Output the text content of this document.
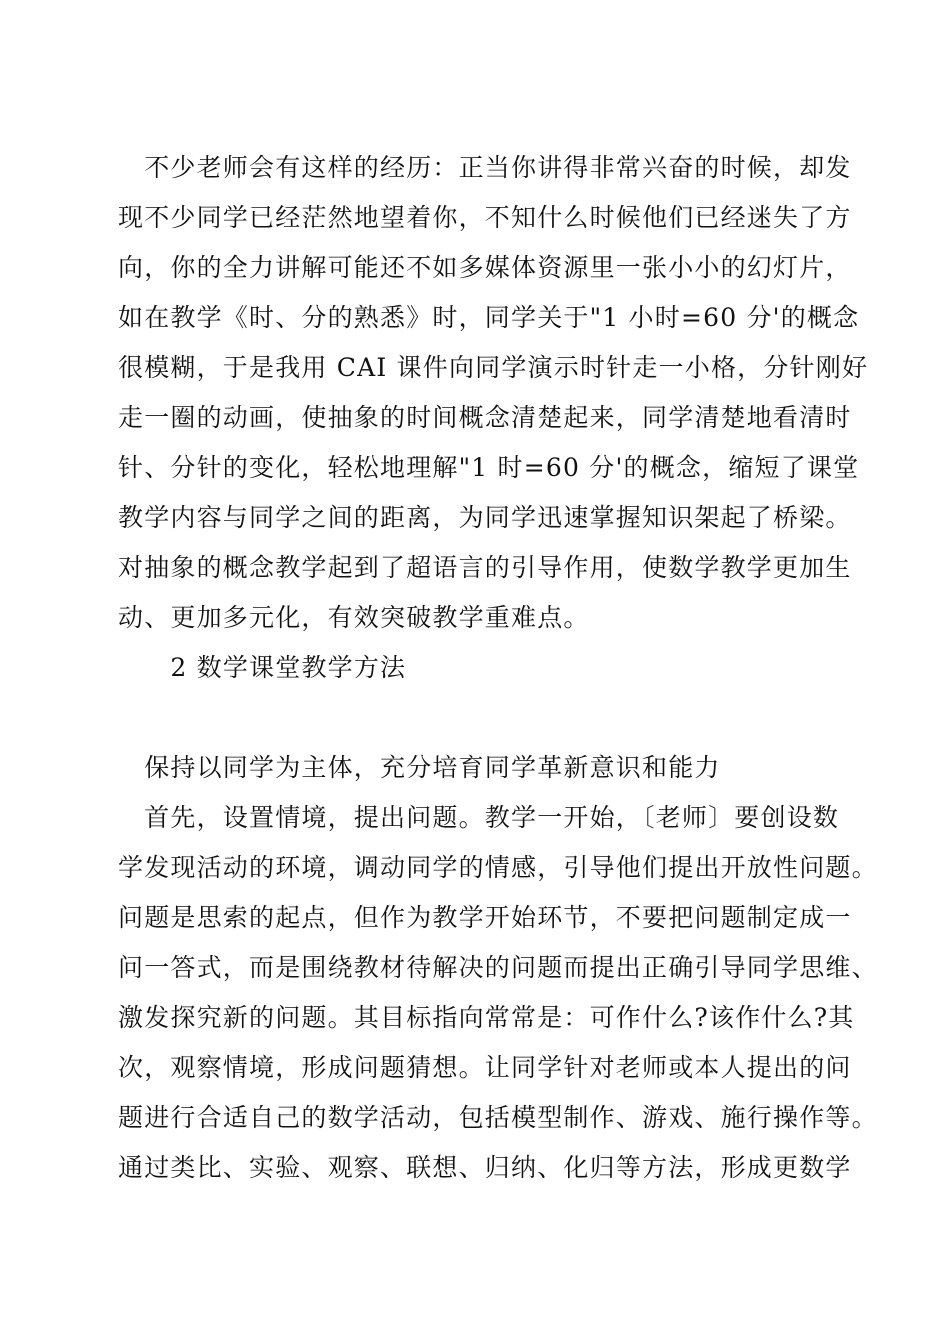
　不少老师会有这样的经历：正当你讲得非常兴奋的时候，却发
现不少同学已经茫然地望着你，不知什么时候他们已经迷失了方
向，你的全力讲解可能还不如多媒体资源里一张小小的幻灯片，
如在教学《时、分的熟悉》时，同学关于"1 小时=60 分'的概念
很模糊，于是我用 CAI 课件向同学演示时针走一小格，分针刚好
走一圈的动画，使抽象的时间概念清楚起来，同学清楚地看清时
针、分针的变化，轻松地理解"1 时=60 分'的概念，缩短了课堂
教学内容与同学之间的距离，为同学迅速掌握知识架起了桥梁。
对抽象的概念教学起到了超语言的引导作用，使数学教学更加生
动、更加多元化，有效突破教学重难点。
　　2 数学课堂教学方法
　保持以同学为主体，充分培育同学革新意识和能力
　首先，设置情境，提出问题。教学一开始，〔老师〕要创设数
学发现活动的环境，调动同学的情感，引导他们提出开放性问题。
问题是思索的起点，但作为教学开始环节，不要把问题制定成一
问一答式，而是围绕教材待解决的问题而提出正确引导同学思维、
激发探究新的问题。其目标指向常常是：可作什么?该作什么?其
次，观察情境，形成问题猜想。让同学针对老师或本人提出的问
题进行合适自己的数学活动，包括模型制作、游戏、施行操作等。
通过类比、实验、观察、联想、归纳、化归等方法，形成更数学
